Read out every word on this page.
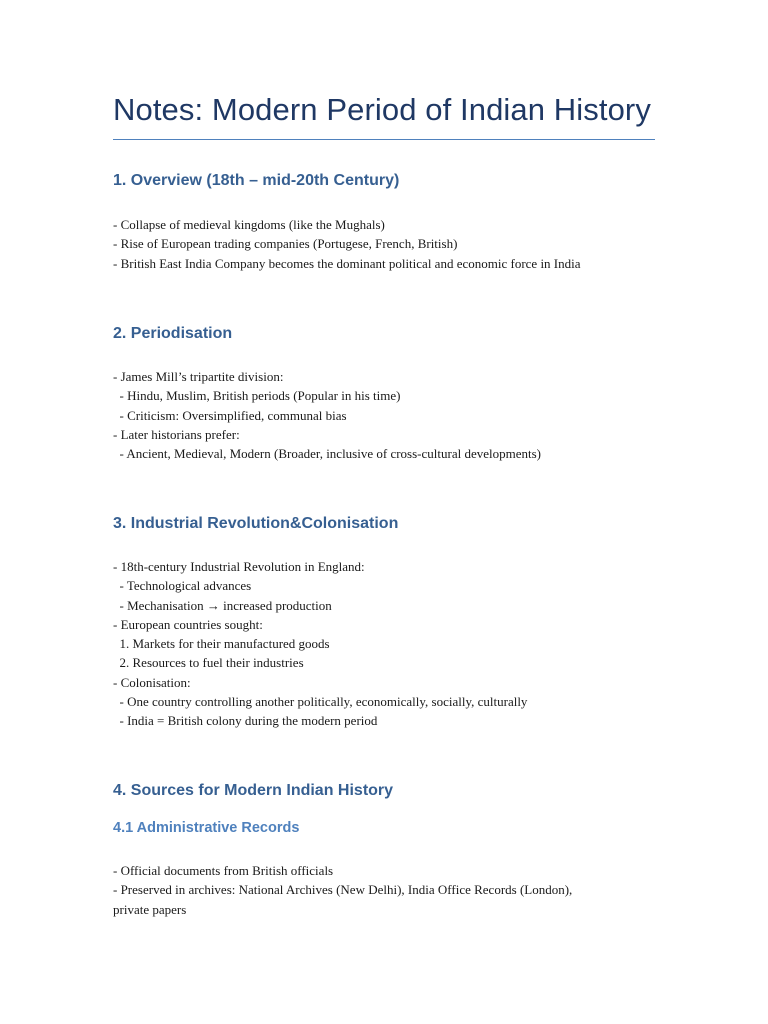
Notes: Modern Period of Indian History
1. Overview (18th – mid-20th Century)
- Collapse of medieval kingdoms (like the Mughals)
- Rise of European trading companies (Portugese, French, British)
- British East India Company becomes the dominant political and economic force in India
2. Periodisation
- James Mill’s tripartite division:
- Hindu, Muslim, British periods (Popular in his time)
- Criticism: Oversimplified, communal bias
- Later historians prefer:
- Ancient, Medieval, Modern (Broader, inclusive of cross-cultural developments)
3. Industrial Revolution&Colonisation
- 18th-century Industrial Revolution in England:
- Technological advances
- Mechanisation → increased production
- European countries sought:
1. Markets for their manufactured goods
2. Resources to fuel their industries
- Colonisation:
- One country controlling another politically, economically, socially, culturally
- India = British colony during the modern period
4. Sources for Modern Indian History
4.1 Administrative Records
- Official documents from British officials
- Preserved in archives: National Archives (New Delhi), India Office Records (London),
private papers
